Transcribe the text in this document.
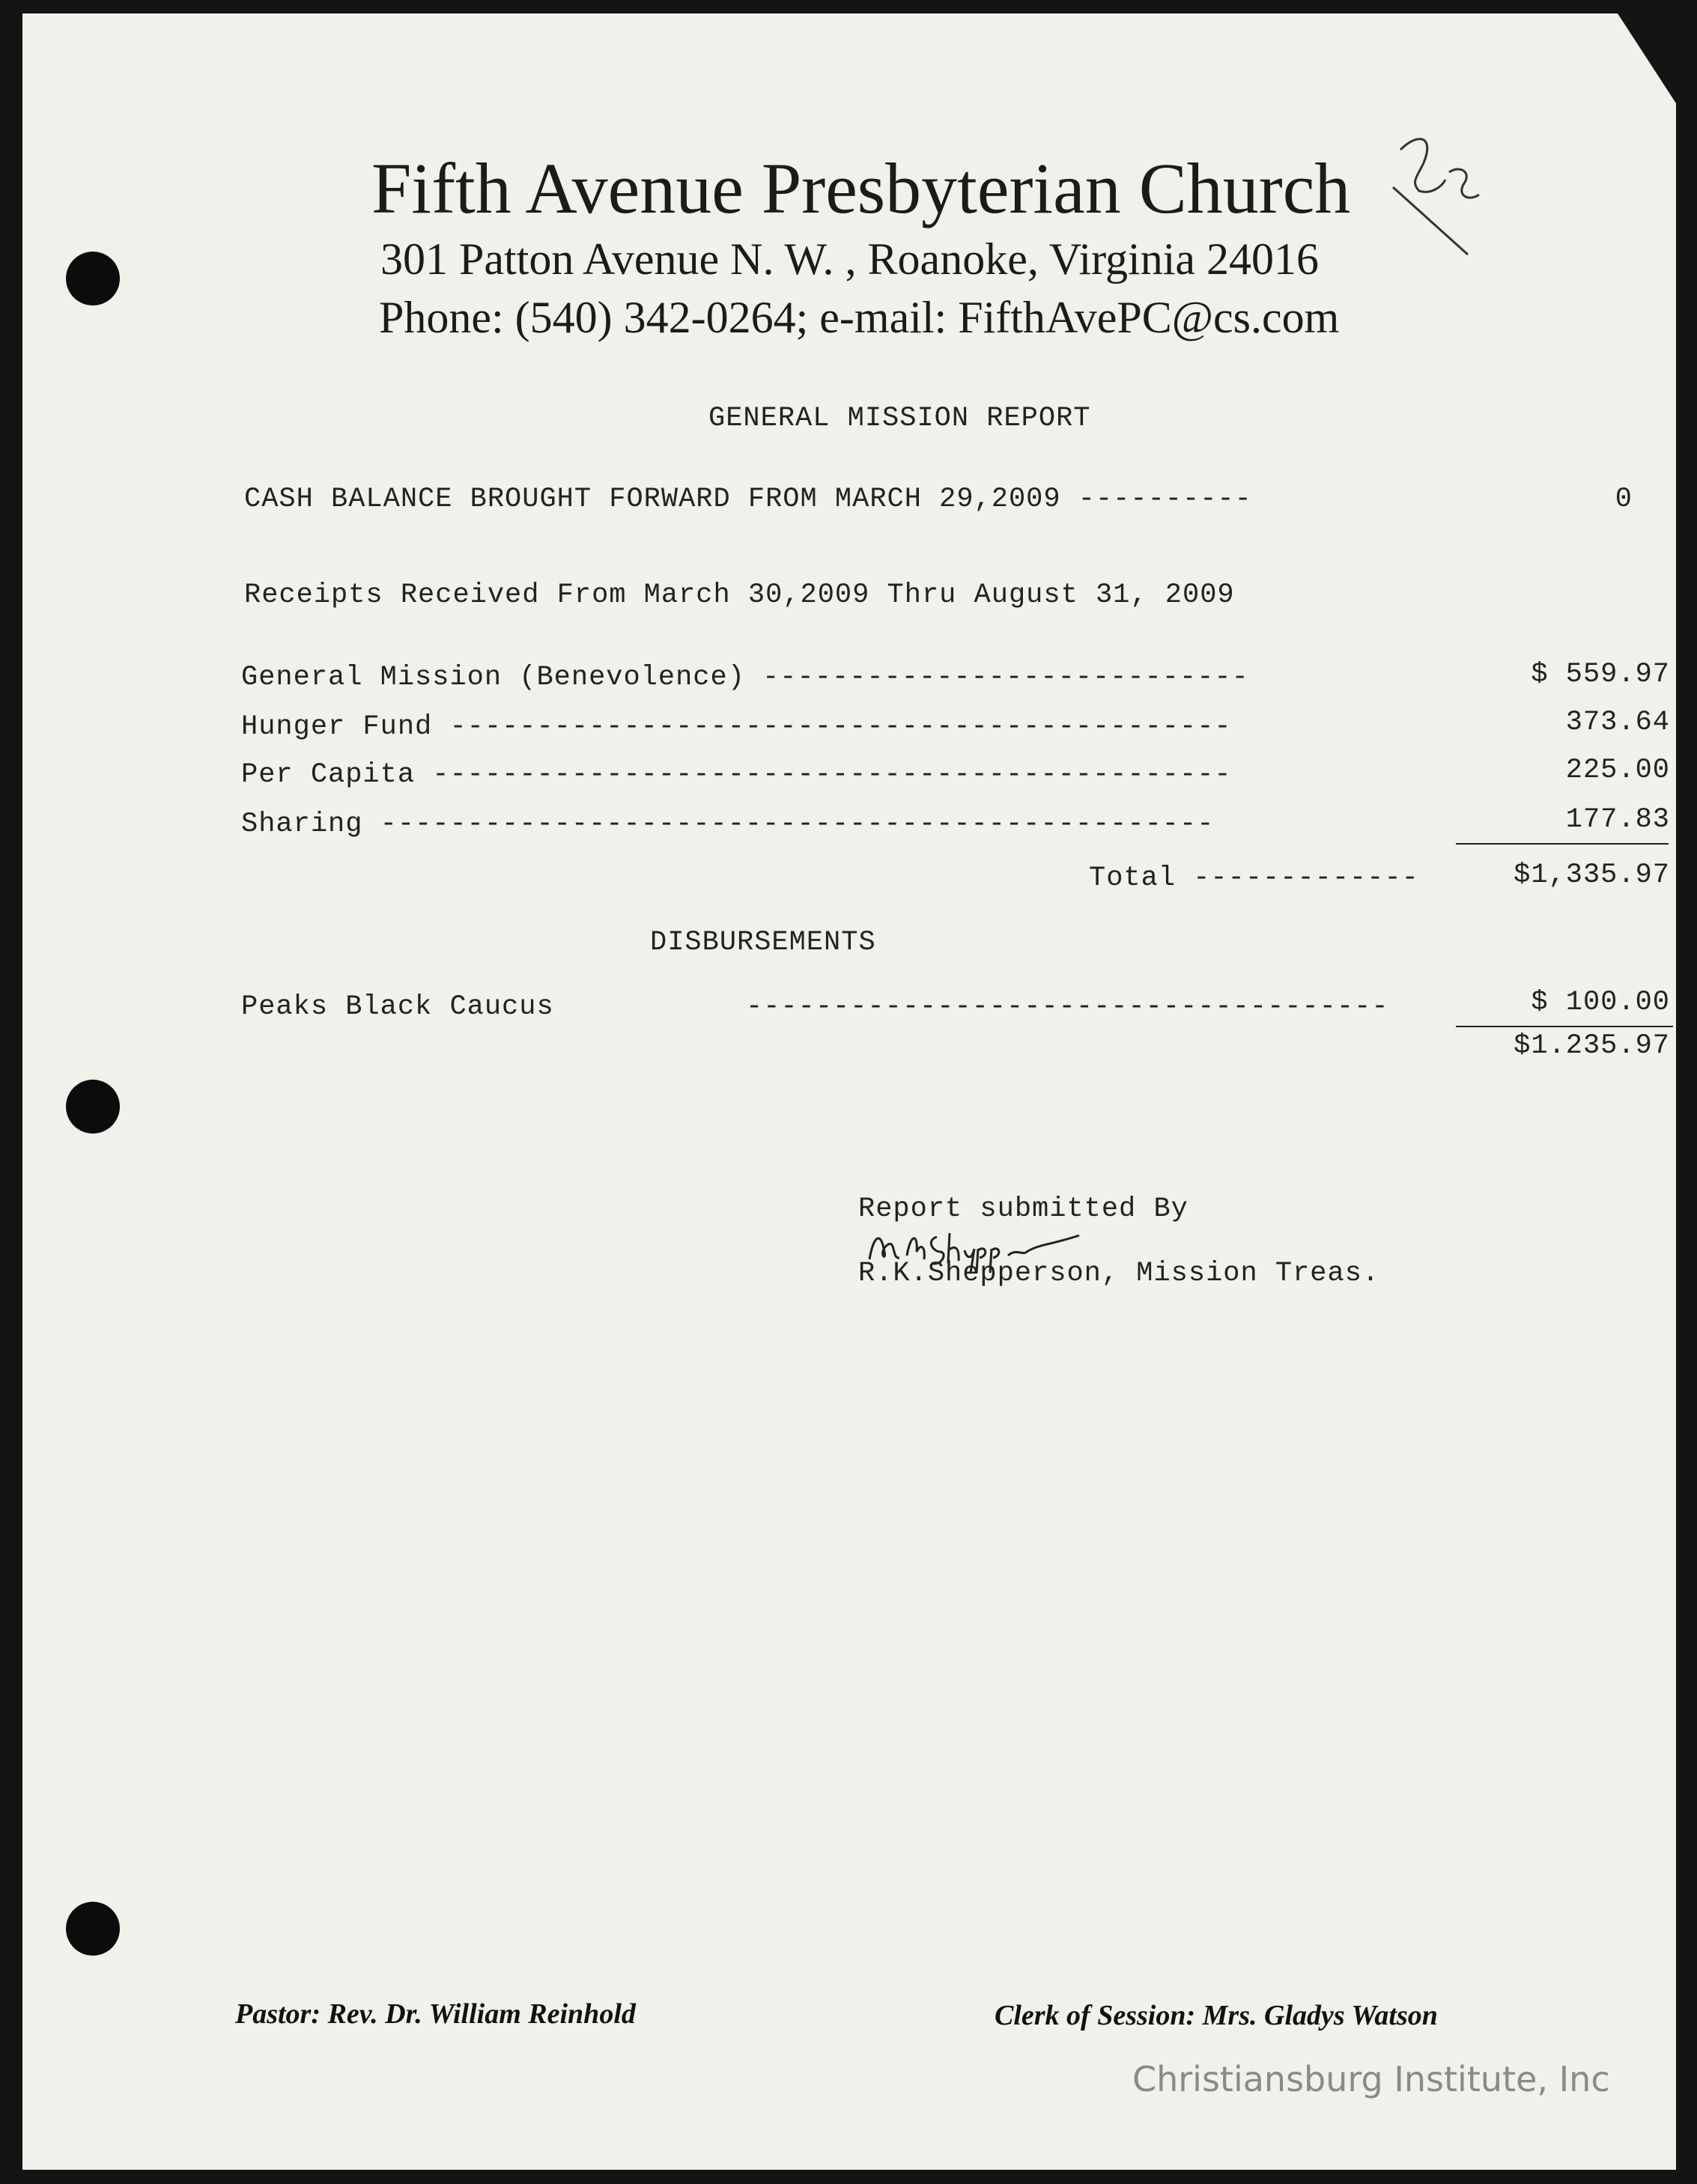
Fifth Avenue Presbyterian Church
301 Patton Avenue N. W. , Roanoke, Virginia 24016
Phone: (540) 342-0264; e-mail: FifthAvePC@cs.com
GENERAL MISSION REPORT
CASH BALANCE BROUGHT FORWARD FROM MARCH 29,2009 ----------	0
Receipts Received From March 30,2009 Thru August 31, 2009
General Mission (Benevolence) ----------------------------	$ 559.97
Hunger Fund ---------------------------------------------	373.64
Per Capita ----------------------------------------------	225.00
Sharing ------------------------------------------------	177.83
Total -------------	$1,335.97
DISBURSEMENTS
Peaks Black Caucus	-------------------------------------	$ 100.00
$1.235.97
Report submitted By
R.K.Shepperson, Mission Treas.
Pastor: Rev. Dr. William Reinhold	Clerk of Session: Mrs. Gladys Watson
Christiansburg Institute, Inc
